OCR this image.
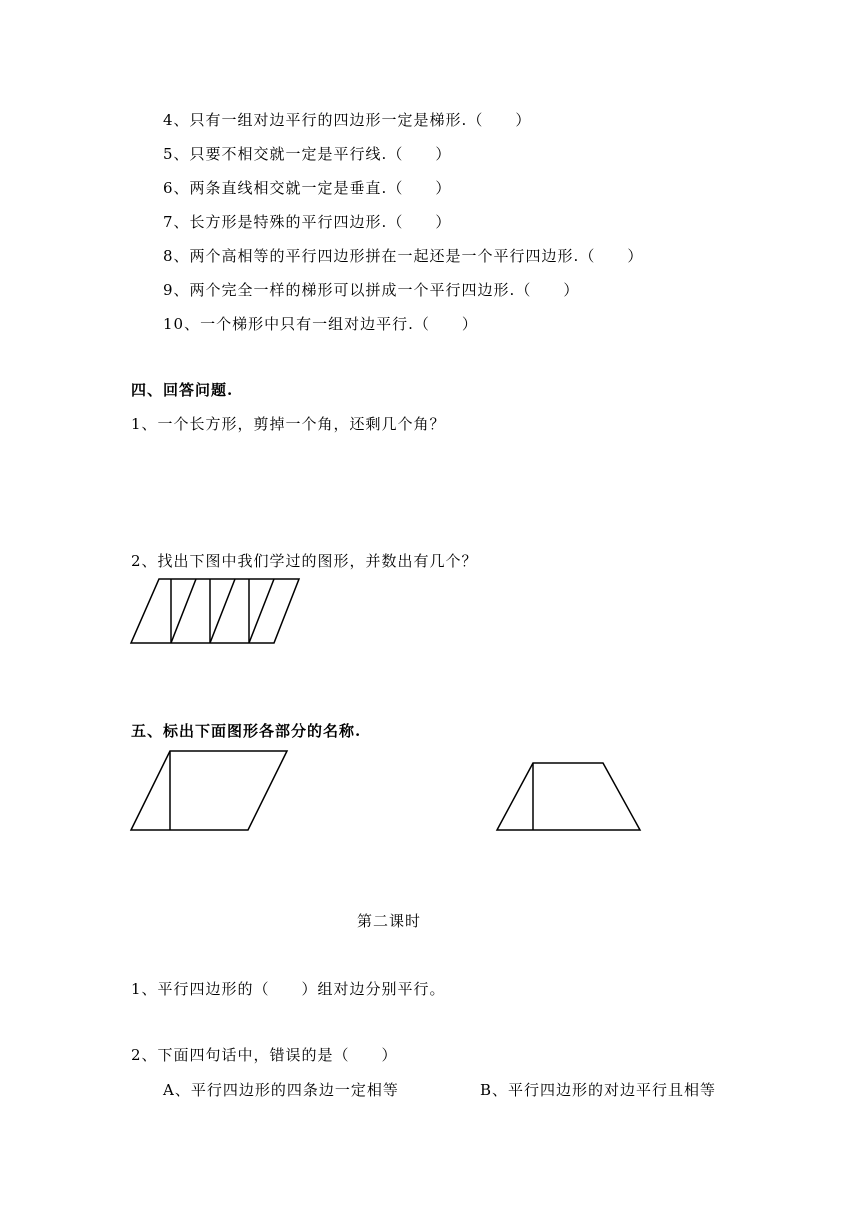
4、只有一组对边平行的四边形一定是梯形.（　　）
5、只要不相交就一定是平行线.（　　）
6、两条直线相交就一定是垂直.（　　）
7、长方形是特殊的平行四边形.（　　）
8、两个高相等的平行四边形拼在一起还是一个平行四边形.（　　）
9、两个完全一样的梯形可以拼成一个平行四边形.（　　）
10、一个梯形中只有一组对边平行.（　　）
四、回答问题.
1、一个长方形，剪掉一个角，还剩几个角？
2、找出下图中我们学过的图形，并数出有几个？
五、标出下面图形各部分的名称.
第二课时
1、平行四边形的（　　）组对边分别平行。
2、下面四句话中，错误的是（　　）
A、平行四边形的四条边一定相等	B、平行四边形的对边平行且相等
